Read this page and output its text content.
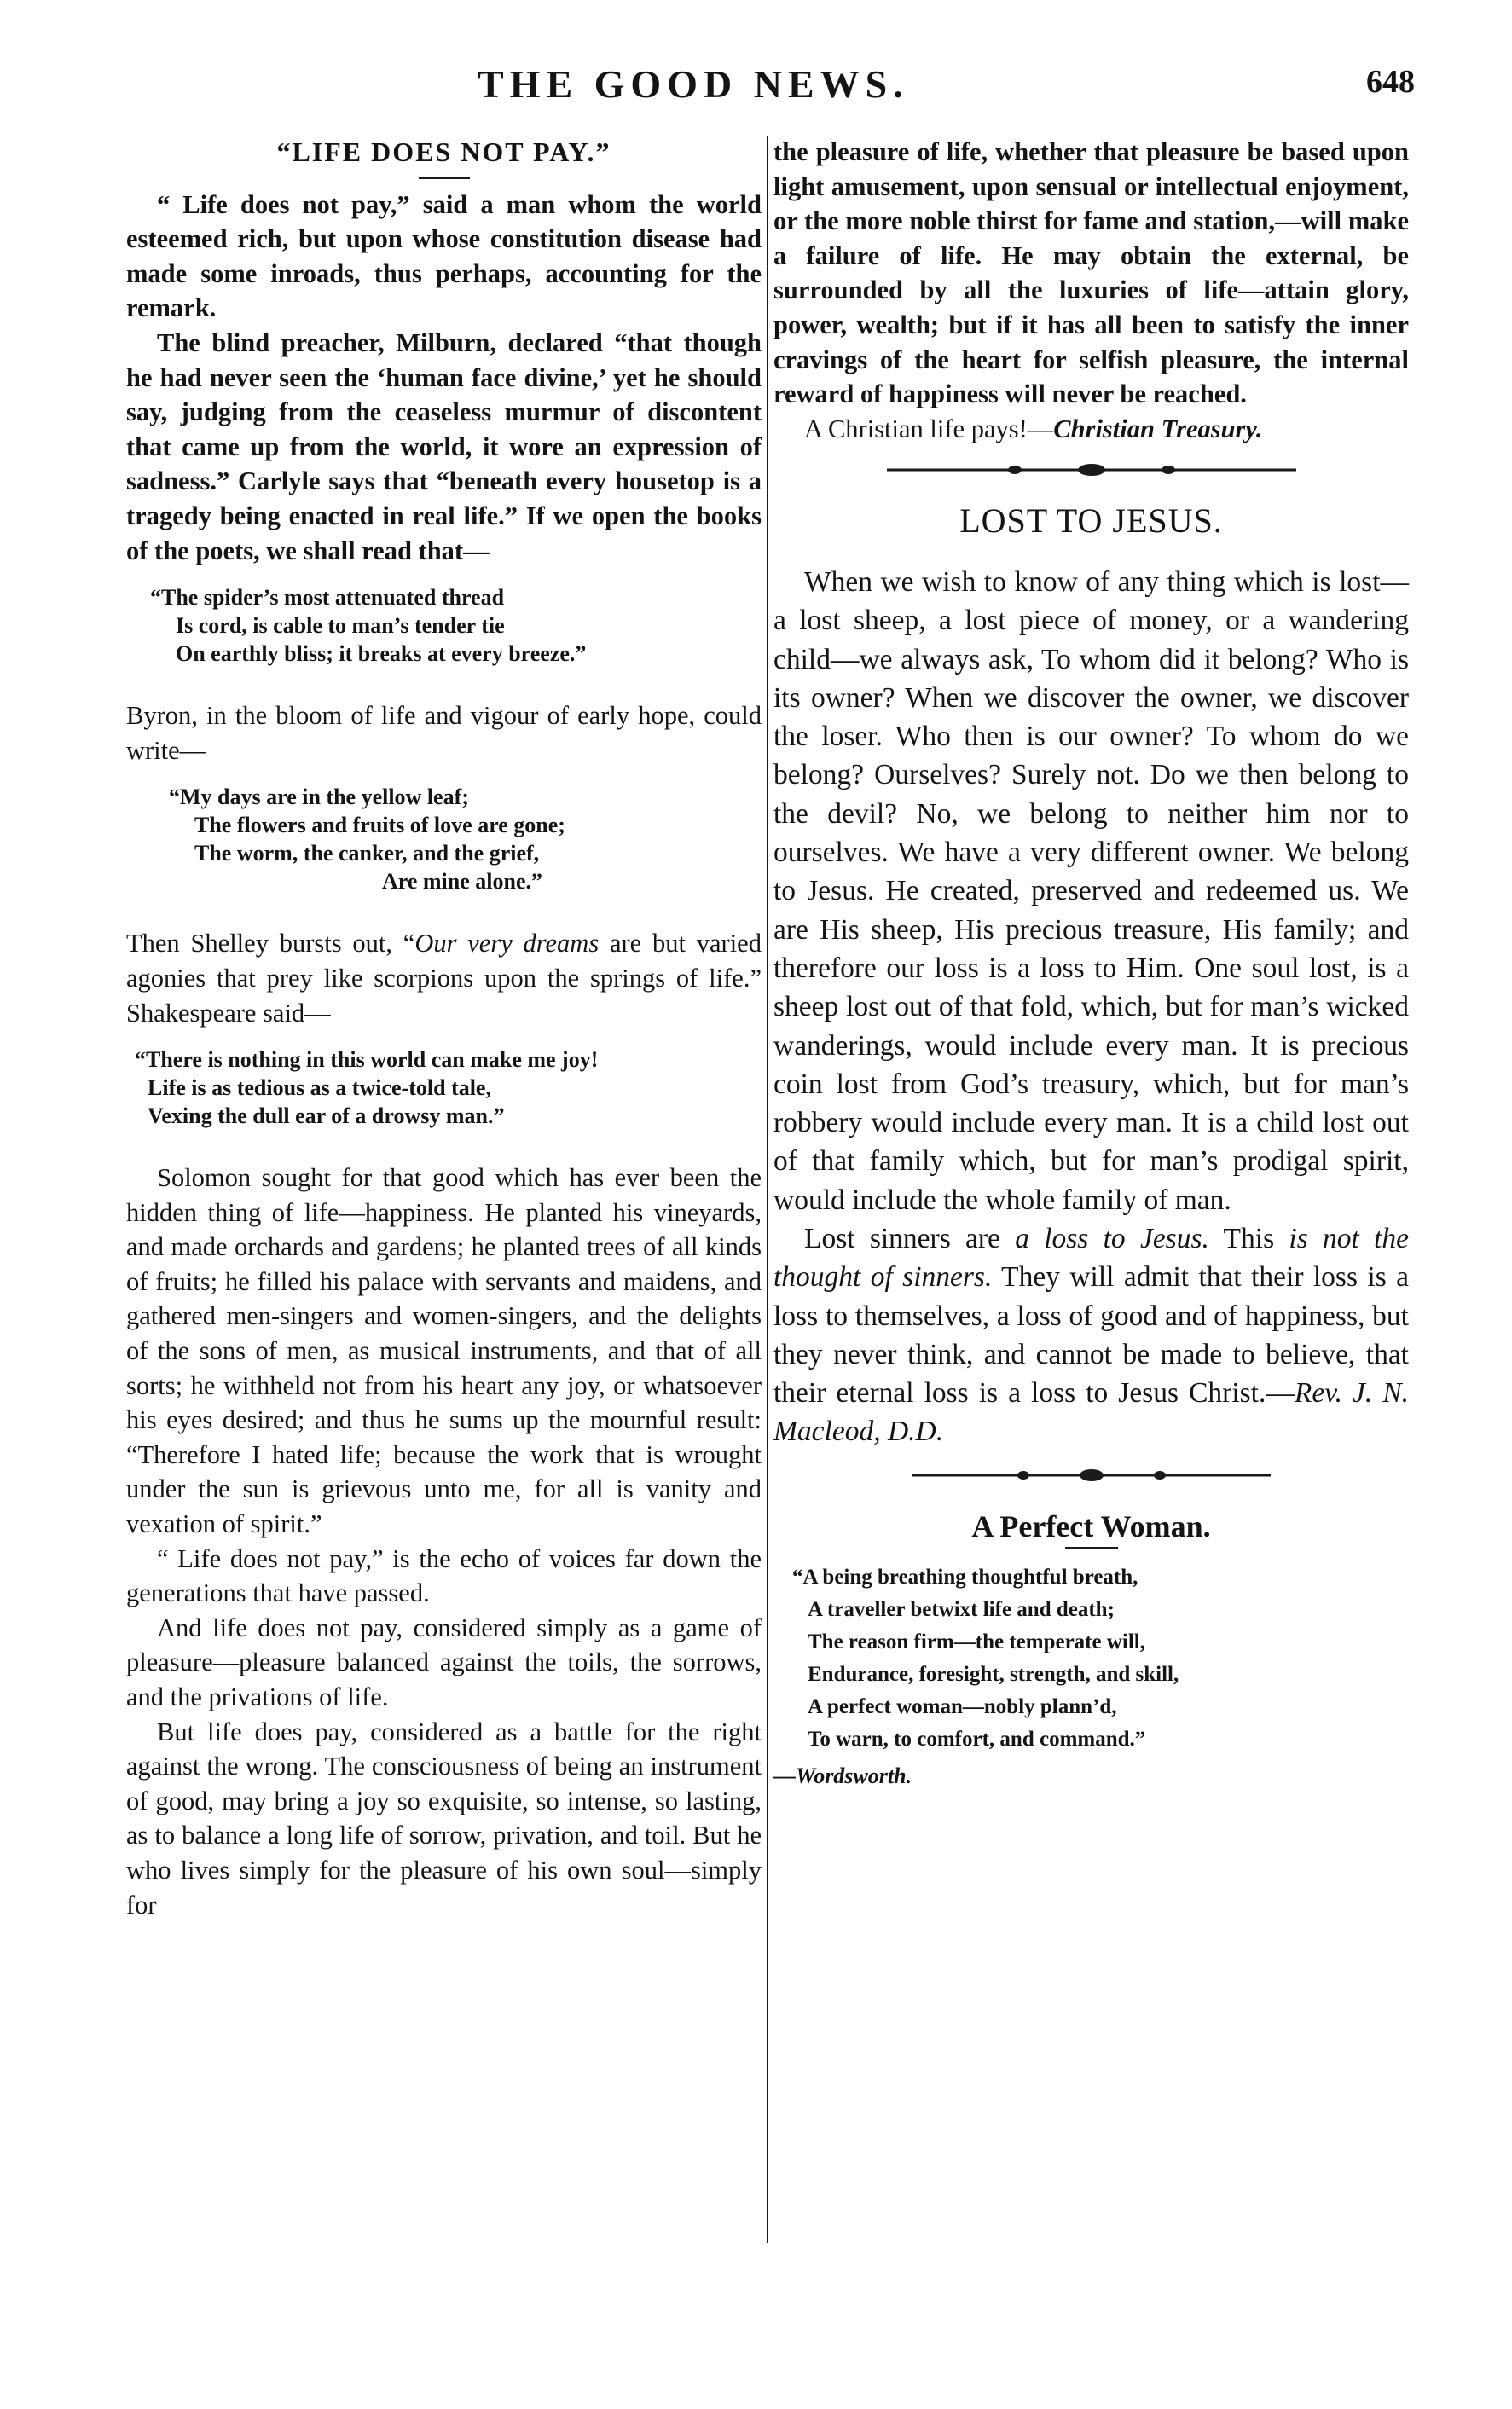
THE GOOD NEWS.	648
“LIFE DOES NOT PAY.”

“ Life does not pay,” said a man whom the world esteemed rich, but upon whose constitution disease had made some inroads, thus perhaps, accounting for the remark.

The blind preacher, Milburn, declared “that though he had never seen the ‘human face divine,’ yet he should say, judging from the ceaseless murmur of discontent that came up from the world, it wore an expression of sadness.” Carlyle says that “beneath every housetop is a tragedy being enacted in real life.” If we open the books of the poets, we shall read that—

“The spider’s most attenuated thread
Is cord, is cable to man’s tender tie
On earthly bliss; it breaks at every breeze.”

Byron, in the bloom of life and vigour of early hope, could write—

“My days are in the yellow leaf;
The flowers and fruits of love are gone;
The worm, the canker, and the grief,
Are mine alone.”

Then Shelley bursts out, “Our very dreams are but varied agonies that prey like scorpions upon the springs of life.” Shakespeare said—

“There is nothing in this world can make me joy!
Life is as tedious as a twice-told tale,
Vexing the dull ear of a drowsy man.”

Solomon sought for that good which has ever been the hidden thing of life—happiness. He planted his vineyards, and made orchards and gardens; he planted trees of all kinds of fruits; he filled his palace with servants and maidens, and gathered men-singers and women-singers, and the delights of the sons of men, as musical instruments, and that of all sorts; he withheld not from his heart any joy, or whatsoever his eyes desired; and thus he sums up the mournful result: “Therefore I hated life; because the work that is wrought under the sun is grievous unto me, for all is vanity and vexation of spirit.”

“ Life does not pay,” is the echo of voices far down the generations that have passed.

And life does not pay, considered simply as a game of pleasure—pleasure balanced against the toils, the sorrows, and the privations of life.

But life does pay, considered as a battle for the right against the wrong. The consciousness of being an instrument of good, may bring a joy so exquisite, so intense, so lasting, as to balance a long life of sorrow, privation, and toil. But he who lives simply for the pleasure of his own soul—simply for

the pleasure of life, whether that pleasure be based upon light amusement, upon sensual or intellectual enjoyment, or the more noble thirst for fame and station,—will make a failure of life. He may obtain the external, be surrounded by all the luxuries of life—attain glory, power, wealth; but if it has all been to satisfy the inner cravings of the heart for selfish pleasure, the internal reward of happiness will never be reached.

A Christian life pays!—Christian Treasury.

LOST TO JESUS.

When we wish to know of any thing which is lost—a lost sheep, a lost piece of money, or a wandering child—we always ask, To whom did it belong? Who is its owner? When we discover the owner, we discover the loser. Who then is our owner? To whom do we belong? Ourselves? Surely not. Do we then belong to the devil? No, we belong to neither him nor to ourselves. We have a very different owner. We belong to Jesus. He created, preserved and redeemed us. We are His sheep, His precious treasure, His family; and therefore our loss is a loss to Him. One soul lost, is a sheep lost out of that fold, which, but for man’s wicked wanderings, would include every man. It is precious coin lost from God’s treasury, which, but for man’s robbery would include every man. It is a child lost out of that family which, but for man’s prodigal spirit, would include the whole family of man.

Lost sinners are a loss to Jesus. This is not the thought of sinners. They will admit that their loss is a loss to themselves, a loss of good and of happiness, but they never think, and cannot be made to believe, that their eternal loss is a loss to Jesus Christ.—Rev. J. N. Macleod, D.D.

A Perfect Woman.
“A being breathing thoughtful breath,
A traveller betwixt life and death;
The reason firm—the temperate will,
Endurance, foresight, strength, and skill,
A perfect woman—nobly plann’d,
To warn, to comfort, and command.”
—Wordsworth.
